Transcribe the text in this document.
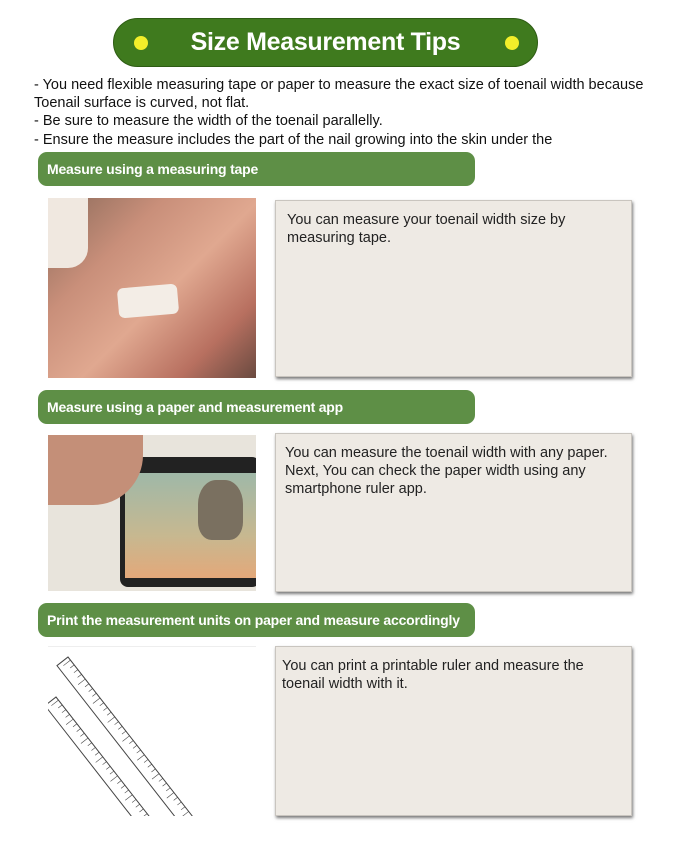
Size Measurement Tips
- You need flexible measuring tape or paper to measure the exact size of toenail width because Toenail surface is curved, not flat.
- Be sure to measure the width of the toenail parallelly.
- Ensure the measure includes the part of the nail growing into the skin under the
Measure using a measuring tape
You can measure your toenail width size by measuring tape.
Measure using a paper and measurement app
You can measure the toenail width with any paper.
Next, You can check the paper width using any smartphone ruler app.
Print the measurement units on paper and measure accordingly
You can print a printable ruler and measure the toenail width with it.
